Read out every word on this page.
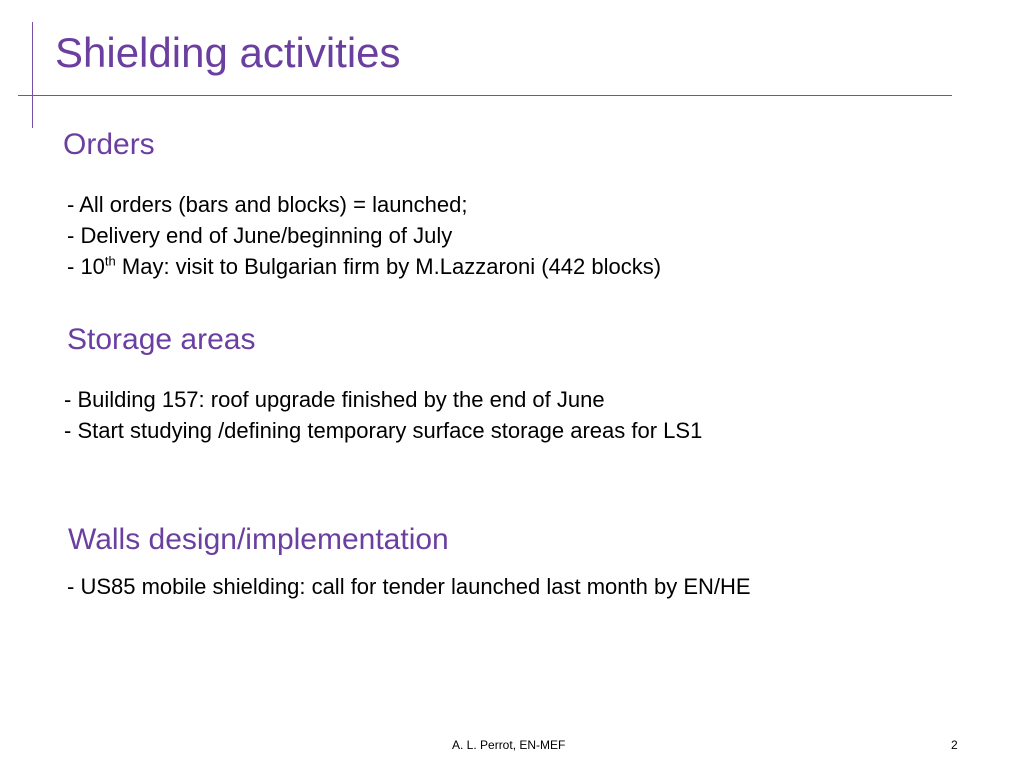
Shielding activities
Orders
- All orders (bars and blocks) = launched;
- Delivery end of June/beginning of July
- 10th May: visit to Bulgarian firm by M.Lazzaroni (442 blocks)
Storage areas
- Building 157: roof upgrade finished by the end of June
- Start studying /defining temporary surface storage areas for LS1
Walls design/implementation
- US85 mobile shielding: call for tender launched last month by EN/HE
A. L. Perrot, EN-MEF	2
